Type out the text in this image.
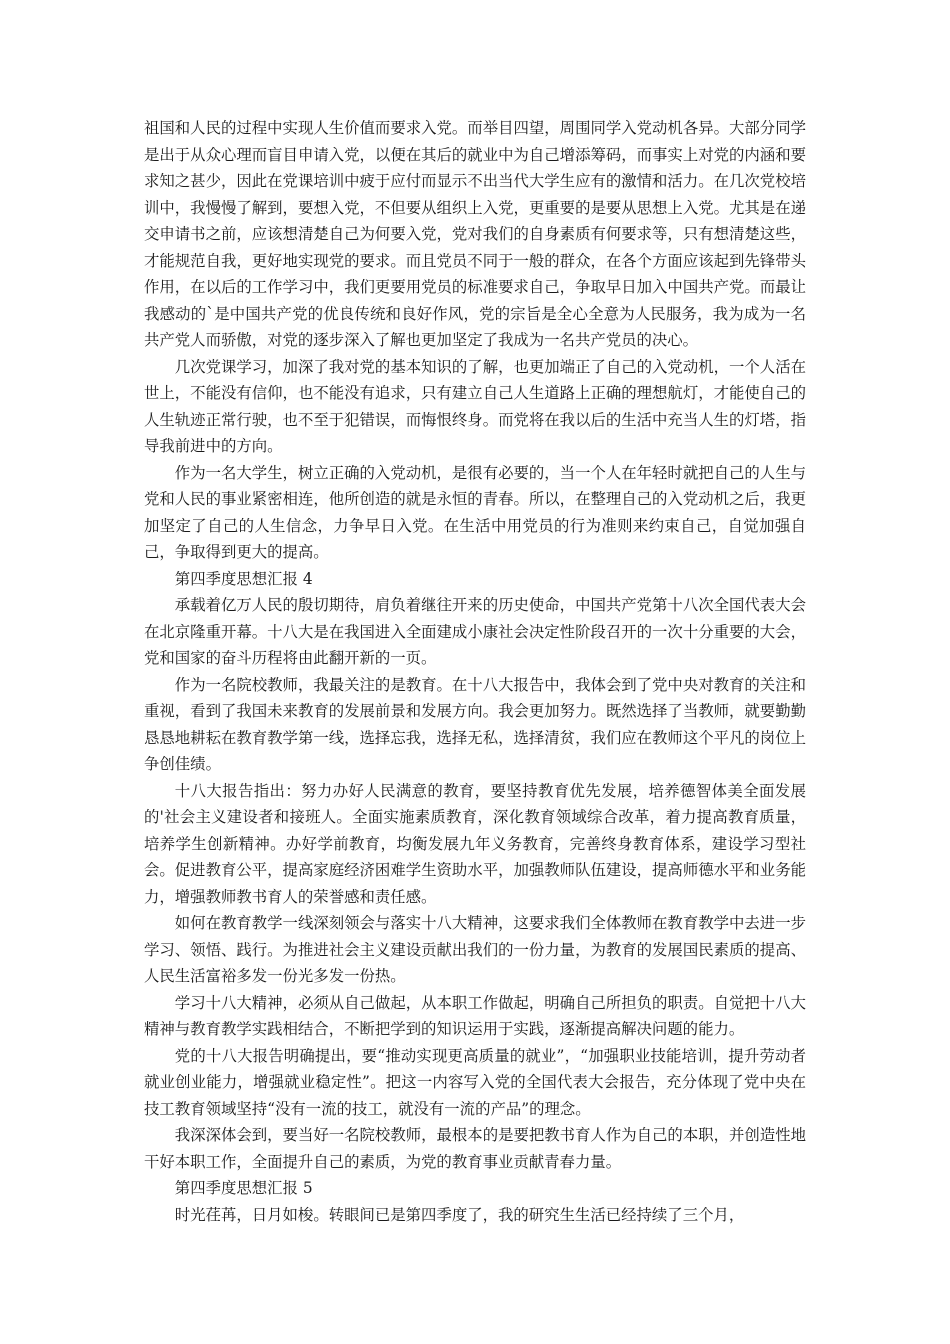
祖国和人民的过程中实现人生价值而要求入党。而举目四望，周围同学入党动机各异。大部分同学是出于从众心理而盲目申请入党，以便在其后的就业中为自己增添筹码，而事实上对党的内涵和要求知之甚少，因此在党课培训中疲于应付而显示不出当代大学生应有的激情和活力。在几次党校培训中，我慢慢了解到，要想入党，不但要从组织上入党，更重要的是要从思想上入党。尤其是在递交申请书之前，应该想清楚自己为何要入党，党对我们的自身素质有何要求等，只有想清楚这些，才能规范自我，更好地实现党的要求。而且党员不同于一般的群众，在各个方面应该起到先锋带头作用，在以后的工作学习中，我们更要用党员的标准要求自己，争取早日加入中国共产党。而最让我感动的`是中国共产党的优良传统和良好作风，党的宗旨是全心全意为人民服务，我为成为一名共产党人而骄傲，对党的逐步深入了解也更加坚定了我成为一名共产党员的决心。

几次党课学习，加深了我对党的基本知识的了解，也更加端正了自己的入党动机，一个人活在世上，不能没有信仰，也不能没有追求，只有建立自己人生道路上正确的理想航灯，才能使自己的人生轨迹正常行驶，也不至于犯错误，而悔恨终身。而党将在我以后的生活中充当人生的灯塔，指导我前进中的方向。

作为一名大学生，树立正确的入党动机，是很有必要的，当一个人在年轻时就把自己的人生与党和人民的事业紧密相连，他所创造的就是永恒的青春。所以，在整理自己的入党动机之后，我更加坚定了自己的人生信念，力争早日入党。在生活中用党员的行为准则来约束自己，自觉加强自己，争取得到更大的提高。

第四季度思想汇报 4

承载着亿万人民的殷切期待，肩负着继往开来的历史使命，中国共产党第十八次全国代表大会在北京隆重开幕。十八大是在我国进入全面建成小康社会决定性阶段召开的一次十分重要的大会，党和国家的奋斗历程将由此翻开新的一页。

作为一名院校教师，我最关注的是教育。在十八大报告中，我体会到了党中央对教育的关注和重视，看到了我国未来教育的发展前景和发展方向。我会更加努力。既然选择了当教师，就要勤勤恳恳地耕耘在教育教学第一线，选择忘我，选择无私，选择清贫，我们应在教师这个平凡的岗位上争创佳绩。

十八大报告指出：努力办好人民满意的教育，要坚持教育优先发展，培养德智体美全面发展的'社会主义建设者和接班人。全面实施素质教育，深化教育领域综合改革，着力提高教育质量，培养学生创新精神。办好学前教育，均衡发展九年义务教育，完善终身教育体系，建设学习型社会。促进教育公平，提高家庭经济困难学生资助水平，加强教师队伍建设，提高师德水平和业务能力，增强教师教书育人的荣誉感和责任感。

如何在教育教学一线深刻领会与落实十八大精神，这要求我们全体教师在教育教学中去进一步学习、领悟、践行。为推进社会主义建设贡献出我们的一份力量，为教育的发展国民素质的提高、人民生活富裕多发一份光多发一份热。

学习十八大精神，必须从自己做起，从本职工作做起，明确自己所担负的职责。自觉把十八大精神与教育教学实践相结合，不断把学到的知识运用于实践，逐渐提高解决问题的能力。

党的十八大报告明确提出，要“推动实现更高质量的就业”，“加强职业技能培训，提升劳动者就业创业能力，增强就业稳定性”。把这一内容写入党的全国代表大会报告，充分体现了党中央在技工教育领域坚持“没有一流的技工，就没有一流的产品”的理念。

我深深体会到，要当好一名院校教师，最根本的是要把教书育人作为自己的本职，并创造性地干好本职工作，全面提升自己的素质，为党的教育事业贡献青春力量。

第四季度思想汇报 5

时光荏苒，日月如梭。转眼间已是第四季度了，我的研究生生活已经持续了三个月，
